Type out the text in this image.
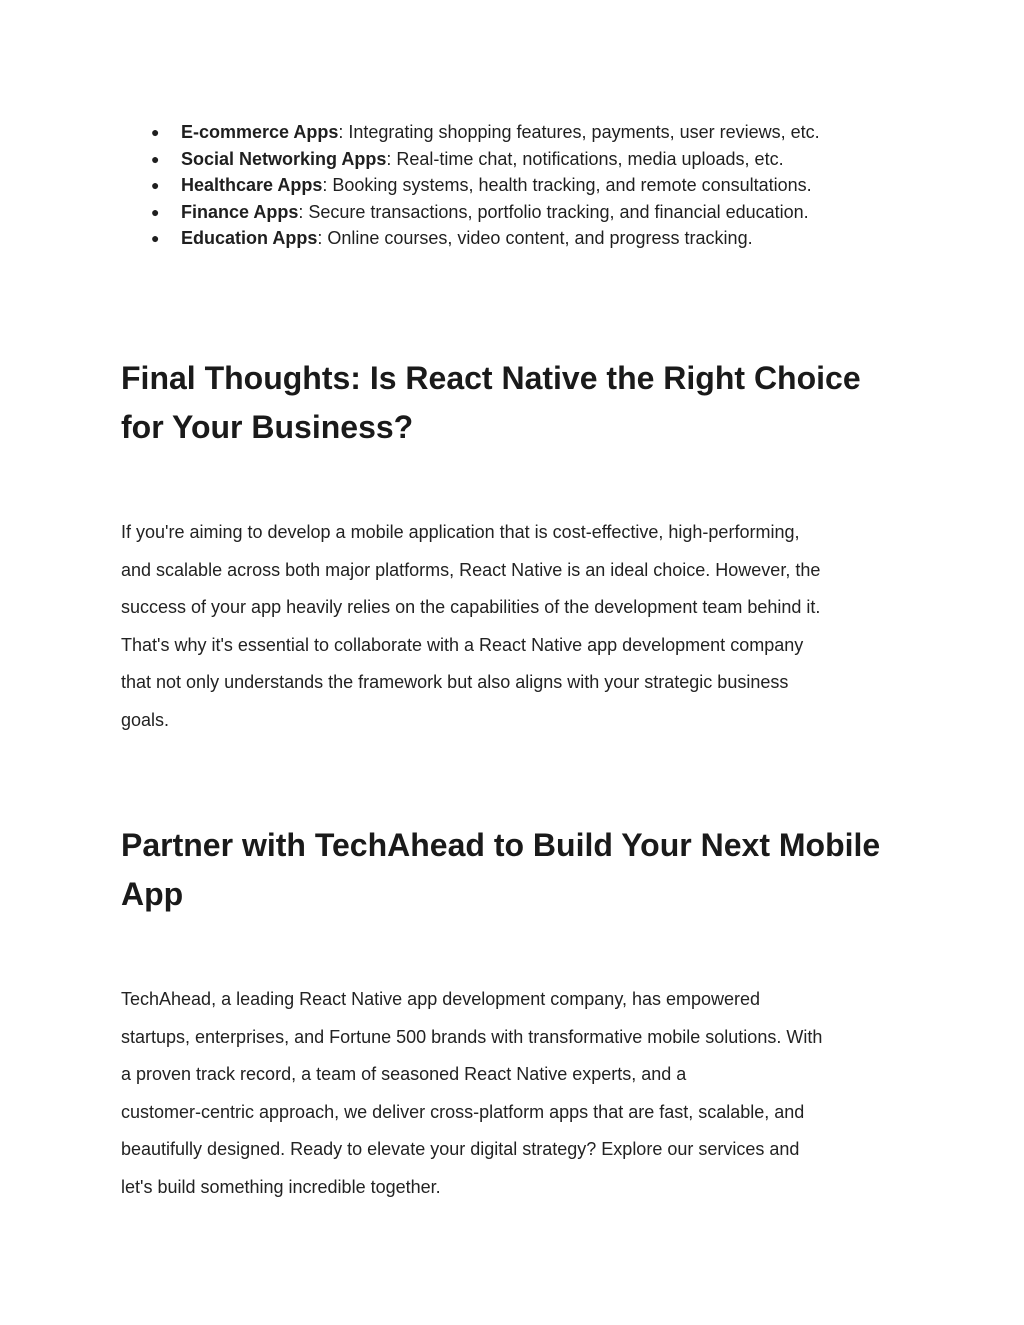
● E-commerce Apps: Integrating shopping features, payments, user reviews, etc.
● Social Networking Apps: Real-time chat, notifications, media uploads, etc.
● Healthcare Apps: Booking systems, health tracking, and remote consultations.
● Finance Apps: Secure transactions, portfolio tracking, and financial education.
● Education Apps: Online courses, video content, and progress tracking.
Final Thoughts: Is React Native the Right Choice
for Your Business?

If you're aiming to develop a mobile application that is cost-effective, high-performing,
and scalable across both major platforms, React Native is an ideal choice. However, the
success of your app heavily relies on the capabilities of the development team behind it.
That's why it's essential to collaborate with a React Native app development company
that not only understands the framework but also aligns with your strategic business
goals.

Partner with TechAhead to Build Your Next Mobile
App

TechAhead, a leading React Native app development company, has empowered
startups, enterprises, and Fortune 500 brands with transformative mobile solutions. With
a proven track record, a team of seasoned React Native experts, and a
customer-centric approach, we deliver cross-platform apps that are fast, scalable, and
beautifully designed. Ready to elevate your digital strategy? Explore our services and
let's build something incredible together.
